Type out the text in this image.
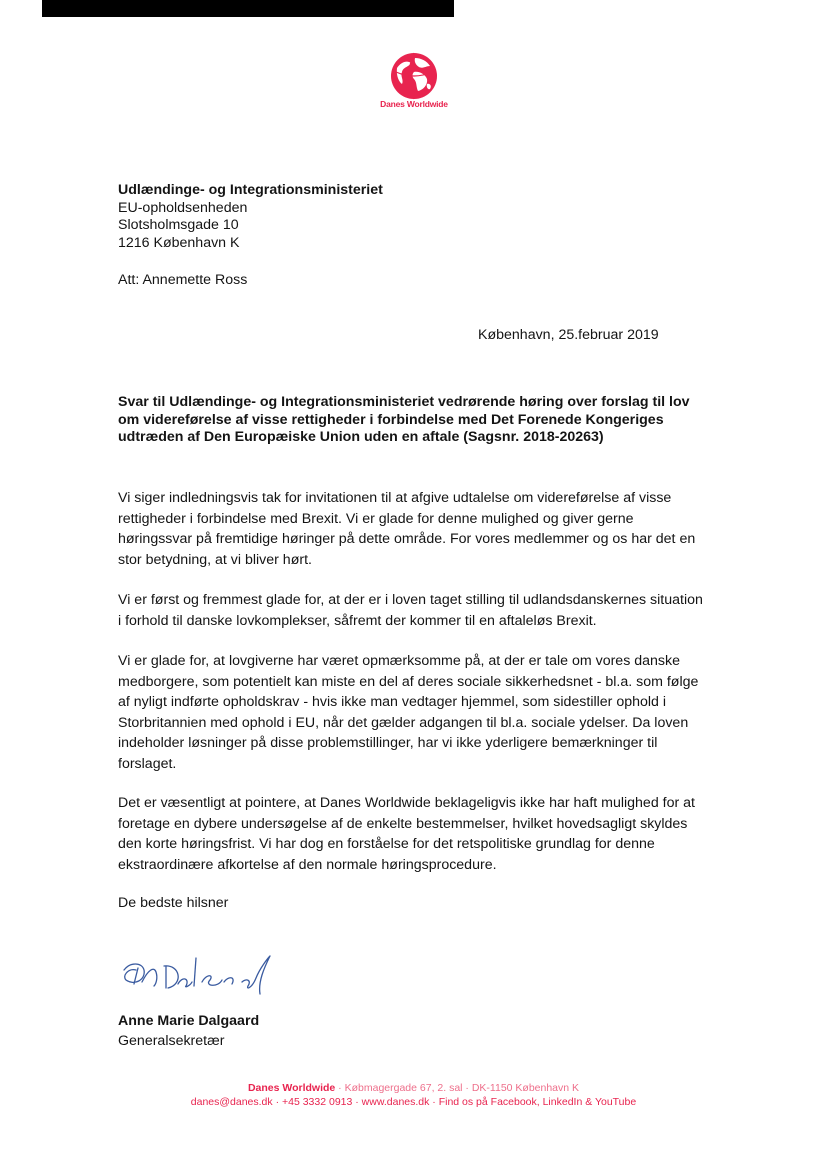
Danes Worldwide
Udlændinge- og Integrationsministeriet
EU-opholdsenheden
Slotsholmsgade 10
1216 København K
Att: Annemette Ross
København, 25.februar 2019
Svar til Udlændinge- og Integrationsministeriet vedrørende høring over forslag til lov om videreførelse af visse rettigheder i forbindelse med Det Forenede Kongeriges udtræden af Den Europæiske Union uden en aftale (Sagsnr. 2018-20263)

Vi siger indledningsvis tak for invitationen til at afgive udtalelse om videreførelse af visse rettigheder i forbindelse med Brexit. Vi er glade for denne mulighed og giver gerne høringssvar på fremtidige høringer på dette område. For vores medlemmer og os har det en stor betydning, at vi bliver hørt.

Vi er først og fremmest glade for, at der er i loven taget stilling til udlandsdanskernes situation i forhold til danske lovkomplekser, såfremt der kommer til en aftaleløs Brexit.

Vi er glade for, at lovgiverne har været opmærksomme på, at der er tale om vores danske medborgere, som potentielt kan miste en del af deres sociale sikkerhedsnet - bl.a. som følge af nyligt indførte opholdskrav - hvis ikke man vedtager hjemmel, som sidestiller ophold i Storbritannien med ophold i EU, når det gælder adgangen til bl.a. sociale ydelser. Da loven indeholder løsninger på disse problemstillinger, har vi ikke yderligere bemærkninger til forslaget.

Det er væsentligt at pointere, at Danes Worldwide beklageligvis ikke har haft mulighed for at foretage en dybere undersøgelse af de enkelte bestemmelser, hvilket hovedsagligt skyldes den korte høringsfrist. Vi har dog en forståelse for det retspolitiske grundlag for denne ekstraordinære afkortelse af den normale høringsprocedure.

De bedste hilsner
Anne Marie Dalgaard
Generalsekretær
Danes Worldwide · Købmagergade 67, 2. sal · DK-1150 København K
danes@danes.dk · +45 3332 0913 · www.danes.dk · Find os på Facebook, LinkedIn & YouTube
